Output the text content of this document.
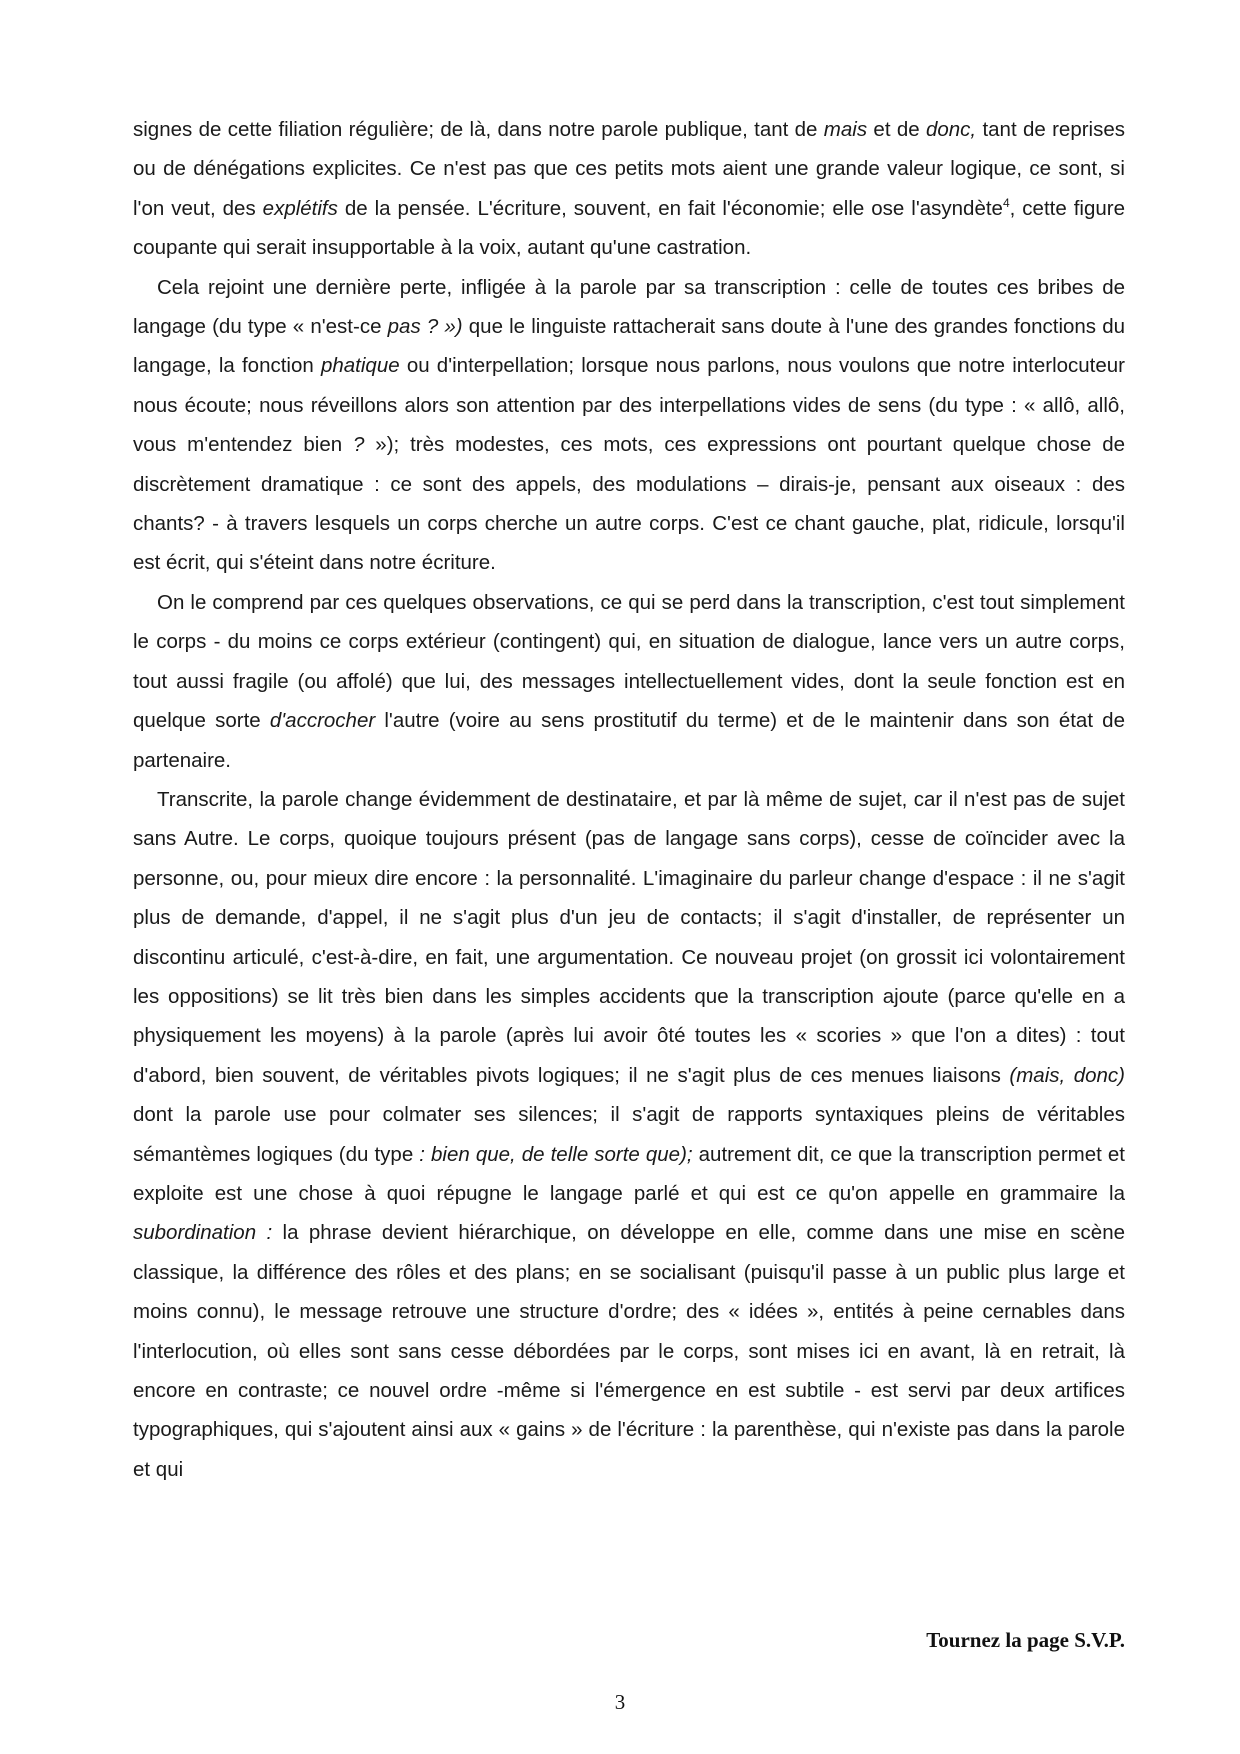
signes de cette filiation régulière; de là, dans notre parole publique, tant de mais et de donc, tant de reprises ou de dénégations explicites. Ce n'est pas que ces petits mots aient une grande valeur logique, ce sont, si l'on veut, des explétifs de la pensée. L'écriture, souvent, en fait l'économie; elle ose l'asyndète$^4$, cette figure coupante qui serait insupportable à la voix, autant qu'une castration.

Cela rejoint une dernière perte, infligée à la parole par sa transcription : celle de toutes ces bribes de langage (du type « n'est-ce pas ? ») que le linguiste rattacherait sans doute à l'une des grandes fonctions du langage, la fonction phatique ou d'interpellation; lorsque nous parlons, nous voulons que notre interlocuteur nous écoute; nous réveillons alors son attention par des interpellations vides de sens (du type : « allô, allô, vous m'entendez bien ? »); très modestes, ces mots, ces expressions ont pourtant quelque chose de discrètement dramatique : ce sont des appels, des modulations – dirais-je, pensant aux oiseaux : des chants? - à travers lesquels un corps cherche un autre corps. C'est ce chant gauche, plat, ridicule, lorsqu'il est écrit, qui s'éteint dans notre écriture.

On le comprend par ces quelques observations, ce qui se perd dans la transcription, c'est tout simplement le corps - du moins ce corps extérieur (contingent) qui, en situation de dialogue, lance vers un autre corps, tout aussi fragile (ou affolé) que lui, des messages intellectuellement vides, dont la seule fonction est en quelque sorte d'accrocher l'autre (voire au sens prostitutif du terme) et de le maintenir dans son état de partenaire.

Transcrite, la parole change évidemment de destinataire, et par là même de sujet, car il n'est pas de sujet sans Autre. Le corps, quoique toujours présent (pas de langage sans corps), cesse de coïncider avec la personne, ou, pour mieux dire encore : la personnalité. L'imaginaire du parleur change d'espace : il ne s'agit plus de demande, d'appel, il ne s'agit plus d'un jeu de contacts; il s'agit d'installer, de représenter un discontinu articulé, c'est-à-dire, en fait, une argumentation. Ce nouveau projet (on grossit ici volontairement les oppositions) se lit très bien dans les simples accidents que la transcription ajoute (parce qu'elle en a physiquement les moyens) à la parole (après lui avoir ôté toutes les « scories » que l'on a dites) : tout d'abord, bien souvent, de véritables pivots logiques; il ne s'agit plus de ces menues liaisons (mais, donc) dont la parole use pour colmater ses silences; il s'agit de rapports syntaxiques pleins de véritables sémantèmes logiques (du type : bien que, de telle sorte que); autrement dit, ce que la transcription permet et exploite est une chose à quoi répugne le langage parlé et qui est ce qu'on appelle en grammaire la subordination : la phrase devient hiérarchique, on développe en elle, comme dans une mise en scène classique, la différence des rôles et des plans; en se socialisant (puisqu'il passe à un public plus large et moins connu), le message retrouve une structure d'ordre; des « idées », entités à peine cernables dans l'interlocution, où elles sont sans cesse débordées par le corps, sont mises ici en avant, là en retrait, là encore en contraste; ce nouvel ordre -même si l'émergence en est subtile - est servi par deux artifices typographiques, qui s'ajoutent ainsi aux « gains » de l'écriture : la parenthèse, qui n'existe pas dans la parole et qui

Tournez la page S.V.P.
3
